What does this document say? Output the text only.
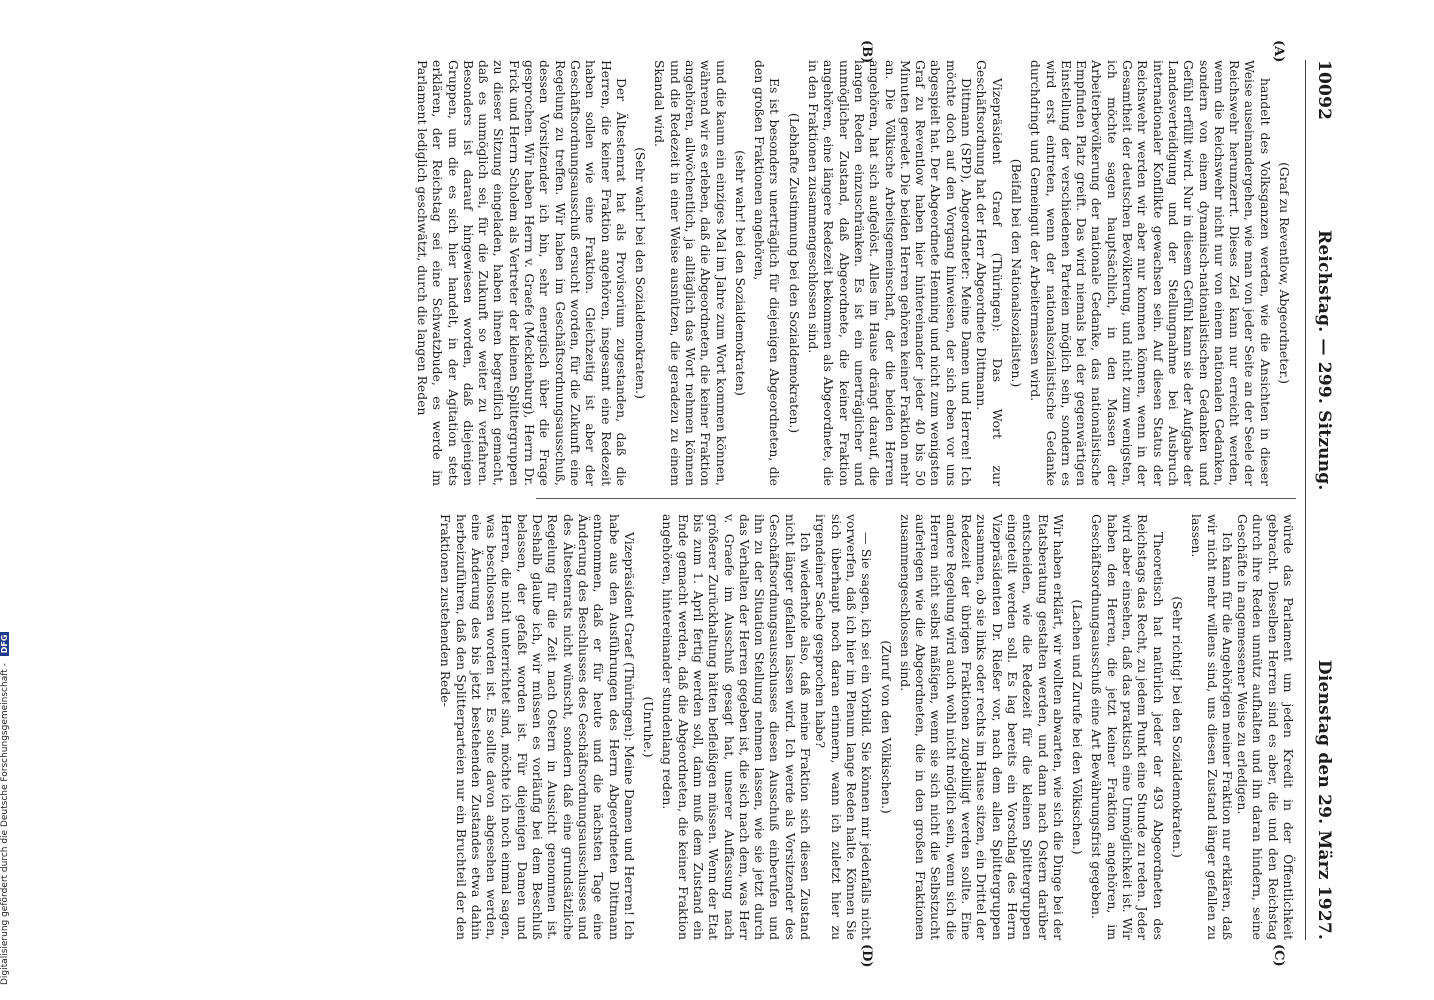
10092
Reichstag. — 299. Sitzung.
Dienstag den 29. März 1927.
(A)
(B)
(C)
(D)

(Graf zu Reventlow, Abgeordneter.)

handelt des Volksganzen werden, wie die Ansichten in dieser Weise auseinandergehen, wie man von jeder Seite an der Seele der Reichswehr herumzerrt. Dieses Ziel kann nur erreicht werden, wenn die Reichswehr nicht nur von einem nationalen Gedanken, sondern von einem dynamisch-nationalistischen Gedanken und Gefühl erfüllt wird. Nur in diesem Gefühl kann sie der Aufgabe der Landesverteidigung und der Stellungnahme bei Ausbruch internationaler Konflikte gewachsen sein. Auf diesen Status der Reichswehr werden wir aber nur kommen können, wenn in der Gesamtheit der deutschen Bevölkerung, und nicht zum wenigsten, ich möchte sagen hauptsächlich, in den Massen der Arbeiterbevölkerung der nationale Gedanke, das nationalistische Empfinden Platz greift. Das wird niemals bei der gegenwärtigen Einstellung der verschiedenen Parteien möglich sein, sondern es wird erst eintreten, wenn der nationalsozialistische Gedanke durchdringt und Gemeingut der Arbeitermassen wird.

(Beifall bei den Nationalsozialisten.)

Vizepräsident Graef (Thüringen): Das Wort zur Geschäftsordnung hat der Herr Abgeordnete Dittmann.

Dittmann (SPD), Abgeordneter: Meine Damen und Herren! Ich möchte doch auf den Vorgang hinweisen, der sich eben vor uns abgespielt hat. Der Abgeordnete Henning und nicht zum wenigsten Graf zu Reventlow haben hier hintereinander jeder 40 bis 50 Minuten geredet. Die beiden Herren gehören keiner Fraktion mehr an. Die Völkische Arbeitsgemeinschaft, der die beiden Herren angehören, hat sich aufgelöst. Alles im Hause drängt darauf, die langen Reden einzuschränken. Es ist ein unerträglicher und unmöglicher Zustand, daß Abgeordnete, die keiner Fraktion angehören, eine längere Redezeit bekommen als Abgeordnete, die in den Fraktionen zusammengeschlossen sind.

(Lebhafte Zustimmung bei den Sozialdemokraten.)

Es ist besonders unerträglich für diejenigen Abgeordneten, die den großen Fraktionen angehören,

(sehr wahr! bei den Sozialdemokraten)

und die kaum ein einziges Mal im Jahre zum Wort kommen können, während wir es erleben, daß die Abgeordneten, die keiner Fraktion angehören, allwöchentlich, ja alltäglich das Wort nehmen können und die Redezeit in einer Weise ausnützen, die geradezu zu einem Skandal wird.

(Sehr wahr! bei den Sozialdemokraten.)

Der Ältestenrat hat als Provisorium zugestanden, daß die Herren, die keiner Fraktion angehören, insgesamt eine Redezeit haben sollen wie eine Fraktion. Gleichzeitig ist aber der Geschäftsordnungsausschuß ersucht worden, für die Zukunft eine Regelung zu treffen. Wir haben im Geschäftsordnungsausschuß, dessen Vorsitzender ich bin, sehr energisch über die Frage gesprochen. Wir haben Herrn v. Graefe (Mecklenburg), Herrn Dr. Frick und Herrn Scholem als Vertreter der kleinen Splittergruppen zu dieser Sitzung eingeladen, haben ihnen begreiflich gemacht, daß es unmöglich sei, für die Zukunft so weiter zu verfahren. Besonders ist darauf hingewiesen worden, daß diejenigen Gruppen, um die es sich hier handelt, in der Agitation stets erklären, der Reichstag sei eine Schwatzbude, es werde im Parlament lediglich geschwätzt, durch die langen Reden

würde das Parlament um jeden Kredit in der Öffentlichkeit gebracht. Dieselben Herren sind es aber, die und den Reichstag durch ihre Reden unnütz aufhalten und ihn daran hindern, seine Geschäfte in angemessener Weise zu erledigen.

Ich kann für die Angehörigen meiner Fraktion nur erklären, daß wir nicht mehr willens sind, uns diesen Zustand länger gefallen zu lassen.

(Sehr richtig! bei den Sozialdemokraten.)

Theoretisch hat natürlich jeder der 493 Abgeordneten des Reichstags das Recht, zu jedem Punkt eine Stunde zu reden. Jeder wird aber einsehen, daß das praktisch eine Unmöglichkeit ist. Wir haben den Herren, die jetzt keiner Fraktion angehören, im Geschäftsordnungsausschuß eine Art Bewährungsfrist gegeben.

(Lachen und Zurufe bei den Völkischen.)

Wir haben erklärt, wir wollten abwarten, wie sich die Dinge bei der Etatsberatung gestalten werden, und dann nach Ostern darüber entscheiden, wie die Redezeit für die kleinen Splittergruppen eingeteilt werden soll. Es lag bereits ein Vorschlag des Herrn Vizepräsidenten Dr. Rießer vor, nach dem allen Splittergruppen zusammen, ob sie links oder rechts im Hause sitzen, ein Drittel der Redezeit der übrigen Fraktionen zugebilligt werden sollte. Eine andere Regelung wird auch wohl nicht möglich sein, wenn sich die Herren nicht selbst mäßigen, wenn sie sich nicht die Selbstzucht auferlegen wie die Abgeordneten, die in den großen Fraktionen zusammengeschlossen sind.

(Zuruf von den Völkischen.)

— Sie sagen, ich sei ein Vorbild. Sie können mir jedenfalls nicht vorwerfen, daß ich hier im Plenum lange Reden halte. Können Sie sich überhaupt noch daran erinnern, wann ich zuletzt hier zu irgendeiner Sache gesprochen habe?

Ich wiederhole also, daß meine Fraktion sich diesen Zustand nicht länger gefallen lassen wird. Ich werde als Vorsitzender des Geschäftsordnungsausschusses diesen Ausschuß einberufen und ihn zu der Situation Stellung nehmen lassen, wie sie jetzt durch das Verhalten der Herren gegeben ist, die sich nach dem, was Herr v. Graefe im Ausschuß gesagt hat, unserer Auffassung nach größerer Zurückhaltung hätten befleißigen müssen. Wenn der Etat bis zum 1. April fertig werden soll, dann muß dem Zustand ein Ende gemacht werden, daß die Abgeordneten, die keiner Fraktion angehören, hintereinander stundenlang reden.

(Unruhe.)

Vizepräsident Graef (Thüringen): Meine Damen und Herren! Ich habe aus den Ausführungen des Herrn Abgeordneten Dittmann entnommen, daß er für heute und die nächsten Tage eine Änderung des Beschlusses des Geschäftsordnungsausschusses und des Ältestenrats nicht wünscht, sondern daß eine grundsätzliche Regelung für die Zeit nach Ostern in Aussicht genommen ist. Deshalb glaube ich, wir müssen es vorläufig bei dem Beschluß belassen, der gefaßt worden ist. Für diejenigen Damen und Herren, die nicht unterrichtet sind, möchte ich noch einmal sagen, was beschlossen worden ist. Es sollte davon abgesehen werden, eine Änderung des bis jetzt bestehenden Zustandes etwa dahin herbeizuführen, daß den Splitterparteien nur ein Bruchteil der den Fraktionen zustehenden Rede-

Digitalisierung gefördert durch die Deutsche Forschungsgemeinschaft - DFG
